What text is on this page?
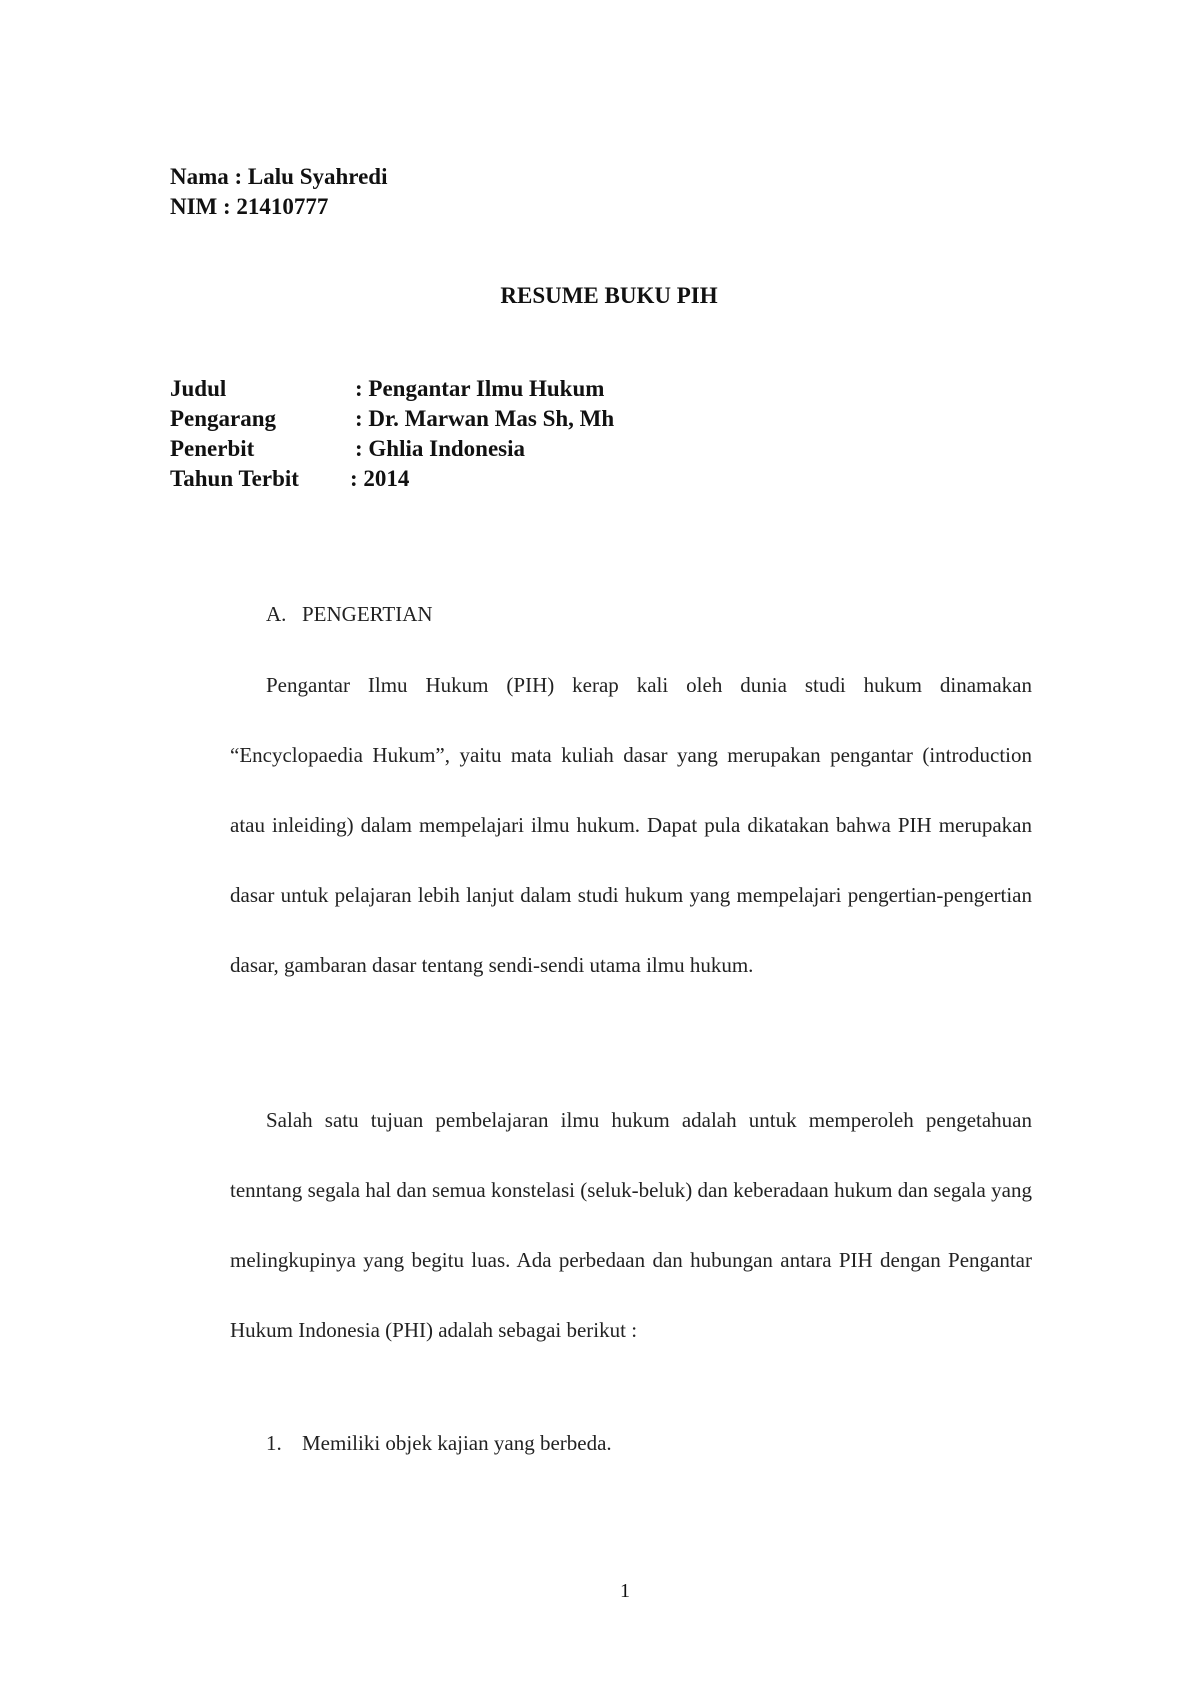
Nama : Lalu Syahredi
NIM : 21410777
RESUME BUKU PIH
Judul	: Pengantar Ilmu Hukum
Pengarang	: Dr. Marwan Mas Sh, Mh
Penerbit	: Ghlia Indonesia
Tahun Terbit : 2014
A. PENGERTIAN

Pengantar Ilmu Hukum (PIH) kerap kali oleh dunia studi hukum dinamakan “Encyclopaedia Hukum”, yaitu mata kuliah dasar yang merupakan pengantar (introduction atau inleiding) dalam mempelajari ilmu hukum. Dapat pula dikatakan bahwa PIH merupakan dasar untuk pelajaran lebih lanjut dalam studi hukum yang mempelajari pengertian-pengertian dasar, gambaran dasar tentang sendi-sendi utama ilmu hukum.

Salah satu tujuan pembelajaran ilmu hukum adalah untuk memperoleh pengetahuan tenntang segala hal dan semua konstelasi (seluk-beluk) dan keberadaan hukum dan segala yang melingkupinya yang begitu luas. Ada perbedaan dan hubungan antara PIH dengan Pengantar Hukum Indonesia (PHI) adalah sebagai berikut :

1. Memiliki objek kajian yang berbeda.
1
